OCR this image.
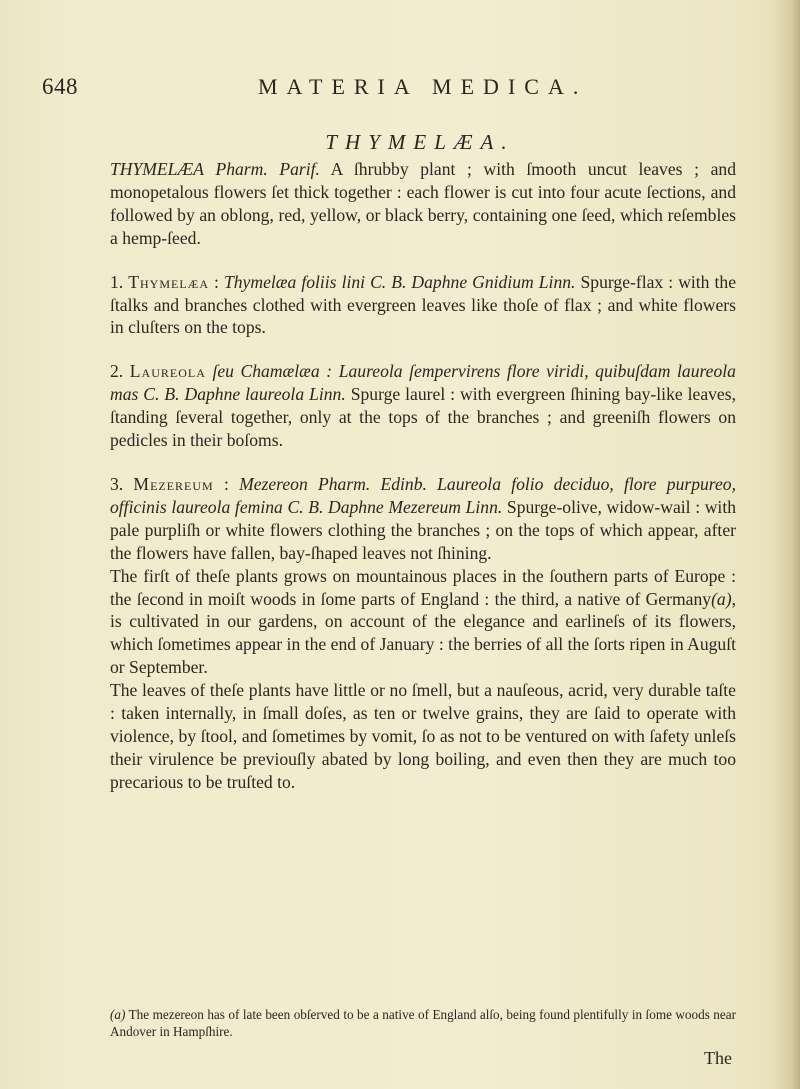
648	MATERIA MEDICA.
THYMELÆA.

THYMELÆA Pharm. Parif. A ſhrubby plant ; with ſmooth uncut leaves ; and monopetalous flowers ſet thick together : each flower is cut into four acute ſections, and followed by an oblong, red, yellow, or black berry, containing one ſeed, which reſembles a hemp-ſeed.

1. Thymelæa : Thymelæa foliis lini C. B. Daphne Gnidium Linn. Spurge-flax : with the ſtalks and branches clothed with evergreen leaves like thoſe of flax ; and white flowers in cluſters on the tops.

2. Laureola ſeu Chamælæa : Laureola ſempervirens flore viridi, quibuſdam laureola mas C. B. Daphne laureola Linn. Spurge laurel : with evergreen ſhining bay-like leaves, ſtanding ſeveral together, only at the tops of the branches ; and greeniſh flowers on pedicles in their boſoms.

3. Mezereum : Mezereon Pharm. Edinb. Laureola folio deciduo, flore purpureo, officinis laureola femina C. B. Daphne Mezereum Linn. Spurge-olive, widow-wail : with pale purpliſh or white flowers clothing the branches ; on the tops of which appear, after the flowers have fallen, bay-ſhaped leaves not ſhining.

The firſt of theſe plants grows on mountainous places in the ſouthern parts of Europe : the ſecond in moiſt woods in ſome parts of England : the third, a native of Germany(a), is cultivated in our gardens, on account of the elegance and earlineſs of its flowers, which ſometimes appear in the end of January : the berries of all the ſorts ripen in Auguſt or September.

The leaves of theſe plants have little or no ſmell, but a nauſeous, acrid, very durable taſte : taken internally, in ſmall doſes, as ten or twelve grains, they are ſaid to operate with violence, by ſtool, and ſometimes by vomit, ſo as not to be ventured on with ſafety unleſs their virulence be previouſly abated by long boiling, and even then they are much too precarious to be truſted to.

(a) The mezereon has of late been obſerved to be a native of England alſo, being found plentifully in ſome woods near Andover in Hampſhire.
The
